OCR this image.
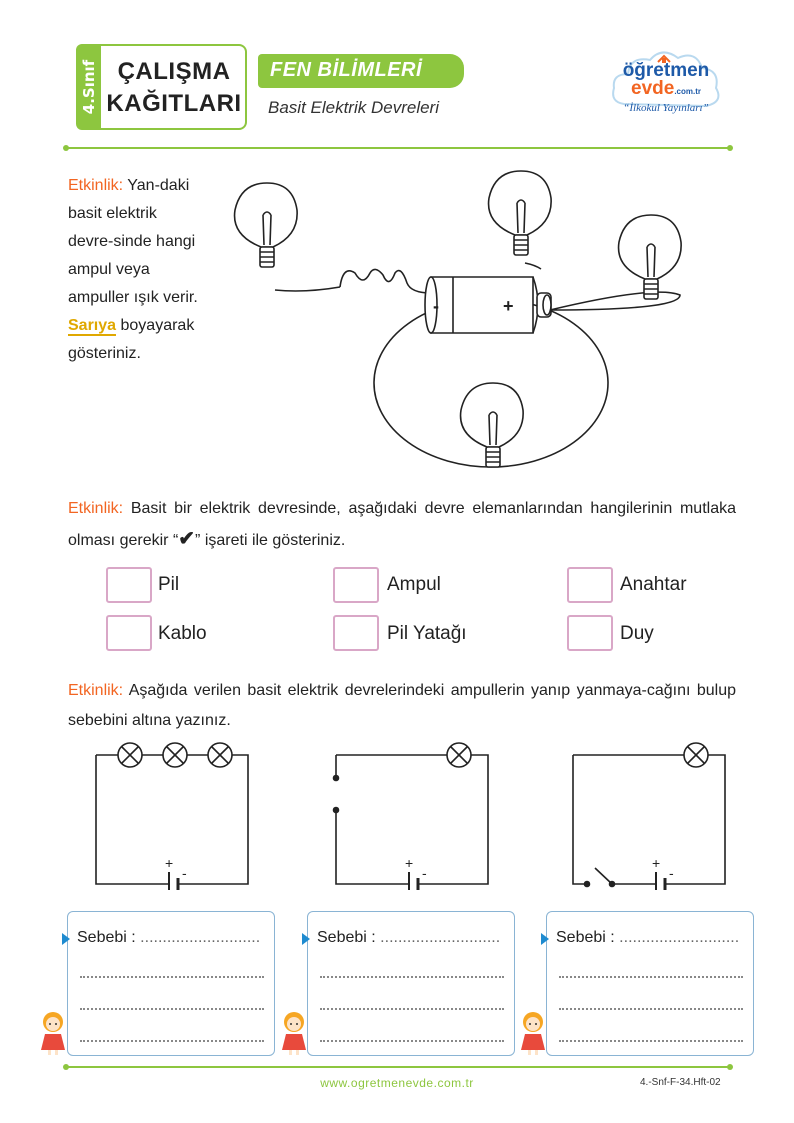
4.Sınıf ÇALIŞMA
KAĞITLARI
FEN BİLİMLERİ
Basit Elektrik Devreleri
öğretmen
evde.com.tr
“İlkokul Yayınları”
Etkinlik: Yan-daki basit elektrik devre-sinde hangi ampul veya ampuller ışık verir. Sarıya boyayarak gösteriniz.
-	+
Etkinlik: Basit bir elektrik devresinde, aşağıdaki devre elemanlarından hangilerinin mutlaka olması gerekir “✔” işareti ile gösteriniz.
Pil	Ampul	Anahtar
Kablo	Pil Yatağı	Duy
Etkinlik: Aşağıda verilen basit elektrik devrelerindeki ampullerin yanıp yanmaya-cağını bulup sebebini altına yazınız.
+
-
+
-
+
-
Sebebi : ...........................	Sebebi : ...........................	Sebebi : ...........................
www.ogretmenevde.com.tr	4.-Snf-F-34.Hft-02
